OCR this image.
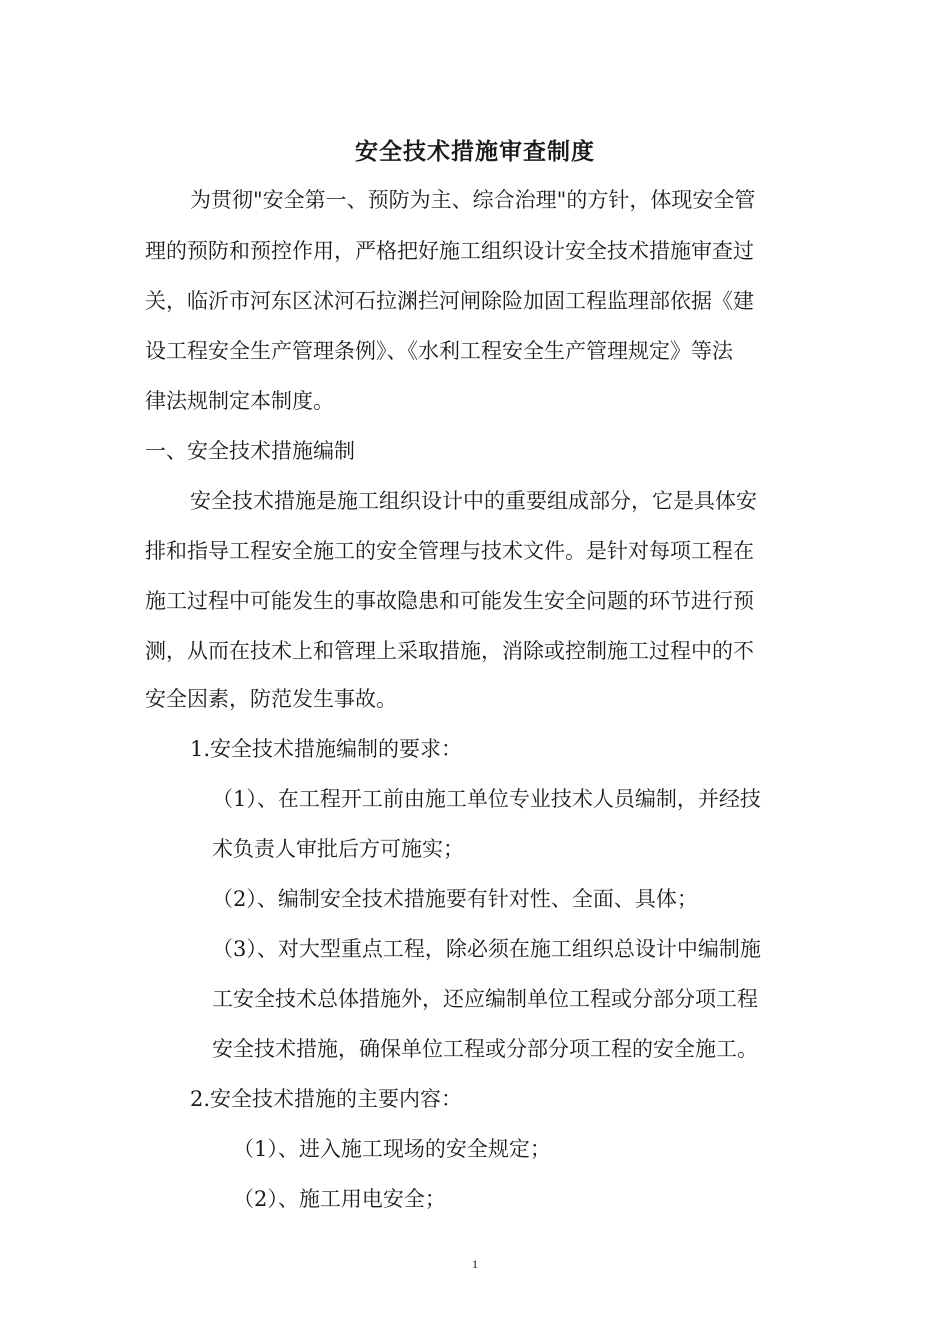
安全技术措施审查制度
为贯彻"安全第一、预防为主、综合治理"的方针，体现安全管
理的预防和预控作用，严格把好施工组织设计安全技术措施审查过
关，临沂市河东区沭河石拉渊拦河闸除险加固工程监理部依据《建
设工程安全生产管理条例》、《水利工程安全生产管理规定》等法
律法规制定本制度。
一、安全技术措施编制
安全技术措施是施工组织设计中的重要组成部分，它是具体安
排和指导工程安全施工的安全管理与技术文件。是针对每项工程在
施工过程中可能发生的事故隐患和可能发生安全问题的环节进行预
测，从而在技术上和管理上采取措施，消除或控制施工过程中的不
安全因素，防范发生事故。
1.安全技术措施编制的要求：
（1）、在工程开工前由施工单位专业技术人员编制，并经技
术负责人审批后方可施实；
（2）、编制安全技术措施要有针对性、全面、具体；
（3）、对大型重点工程，除必须在施工组织总设计中编制施
工安全技术总体措施外，还应编制单位工程或分部分项工程
安全技术措施，确保单位工程或分部分项工程的安全施工。
2.安全技术措施的主要内容：
（1）、进入施工现场的安全规定；
（2）、施工用电安全；
1
